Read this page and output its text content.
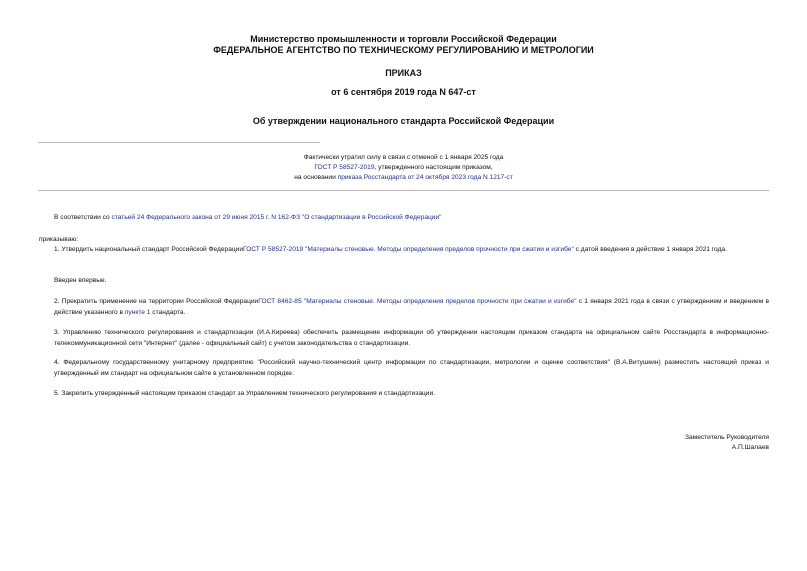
Министерство промышленности и торговли Российской Федерации
ФЕДЕРАЛЬНОЕ АГЕНТСТВО ПО ТЕХНИЧЕСКОМУ РЕГУЛИРОВАНИЮ И МЕТРОЛОГИИ
ПРИКАЗ
от 6 сентября 2019 года N 647-ст
Об утверждении национального стандарта Российской Федерации
Фактически утратил силу в связи с отменой с 1 января 2025 года
ГОСТ Р 58527-2019, утвержденного настоящим приказом,
на основании приказа Росстандарта от 24 октября 2023 года N 1217-ст
В соответствии со статьей 24 Федерального закона от 29 июня 2015 г. N 162-ФЗ "О стандартизации в Российской Федерации"
приказываю:
1. Утвердить национальный стандарт Российской ФедерацииГОСТ Р 58527-2019 "Материалы стеновые. Методы определения пределов прочности при сжатии и изгибе" с датой введения в действие 1 января 2021 года.
Введен впервые.
2. Прекратить применение на территории Российской ФедерацииГОСТ 8462-85 "Материалы стеновые. Методы определения пределов прочности при сжатии и изгибе" с 1 января 2021 года в связи с утверждением и введением в действие указанного в пункте 1 стандарта.
3. Управлению технического регулирования и стандартизации (И.А.Киреева) обеспечить размещение информации об утверждении настоящим приказом стандарта на официальном сайте Росстандарта в информационно-телекоммуникационной сети "Интернет" (далее - официальный сайт) с учетом законодательства о стандартизации.
4. Федеральному государственному унитарному предприятию "Российский научно-технический центр информации по стандартизации, метрологии и оценке соответствия" (В.А.Витушкин) разместить настоящий приказ и утвержденный им стандарт на официальном сайте в установленном порядке.
5. Закрепить утвержденный настоящим приказом стандарт за Управлением технического регулирования и стандартизации.
Заместитель Руководителя
А.П.Шалаев
